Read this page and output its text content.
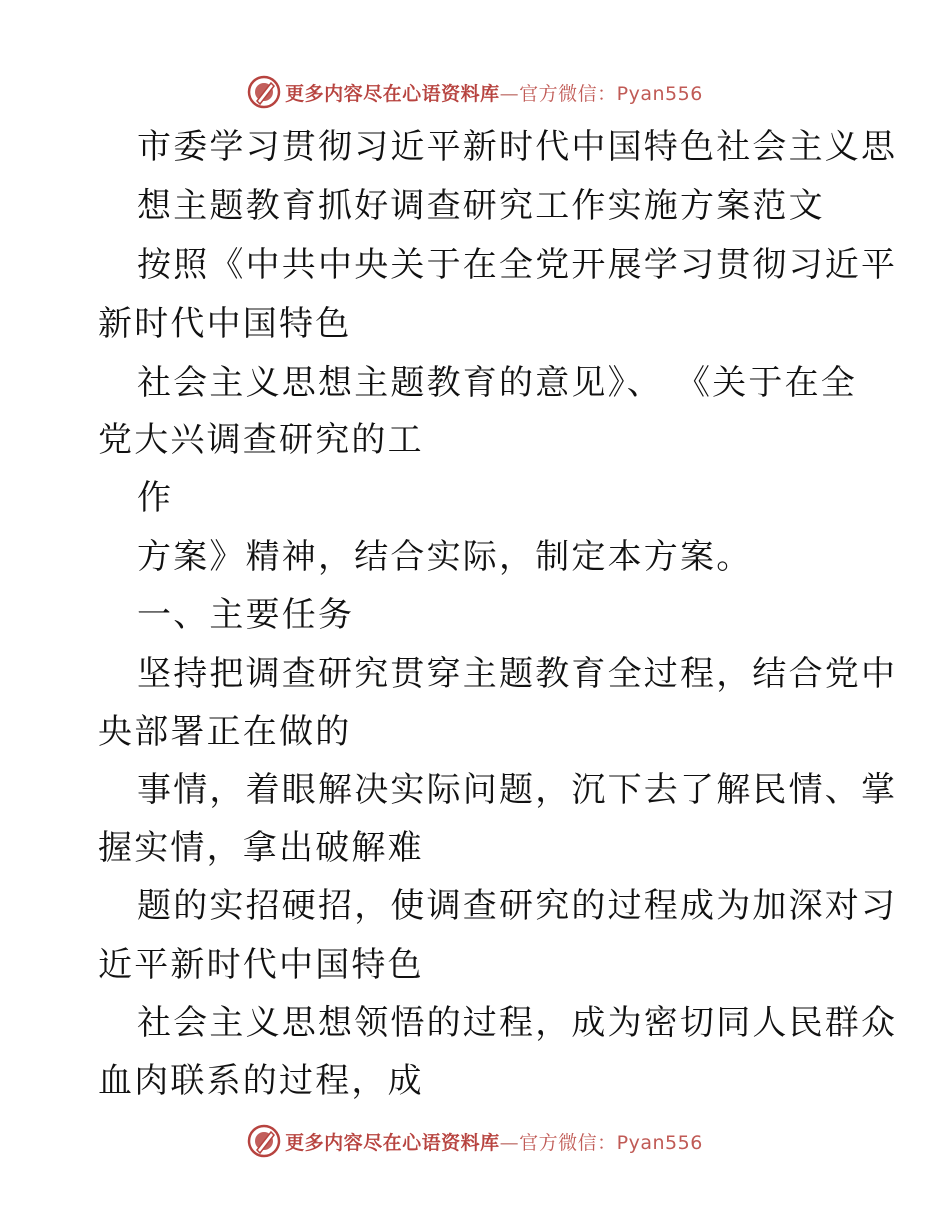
更多内容尽在心语资料库—官方微信：Pyan556
市委学习贯彻习近平新时代中国特色社会主义思
想主题教育抓好调查研究工作实施方案范文
按照《中共中央关于在全党开展学习贯彻习近平
新时代中国特色
社会主义思想主题教育的意见》、 《关于在全
党大兴调查研究的工
作
方案》精神，结合实际，制定本方案。
一、主要任务
坚持把调查研究贯穿主题教育全过程，结合党中
央部署正在做的
事情，着眼解决实际问题，沉下去了解民情、掌
握实情，拿出破解难
题的实招硬招，使调查研究的过程成为加深对习
近平新时代中国特色
社会主义思想领悟的过程，成为密切同人民群众
血肉联系的过程，成
更多内容尽在心语资料库—官方微信：Pyan556
